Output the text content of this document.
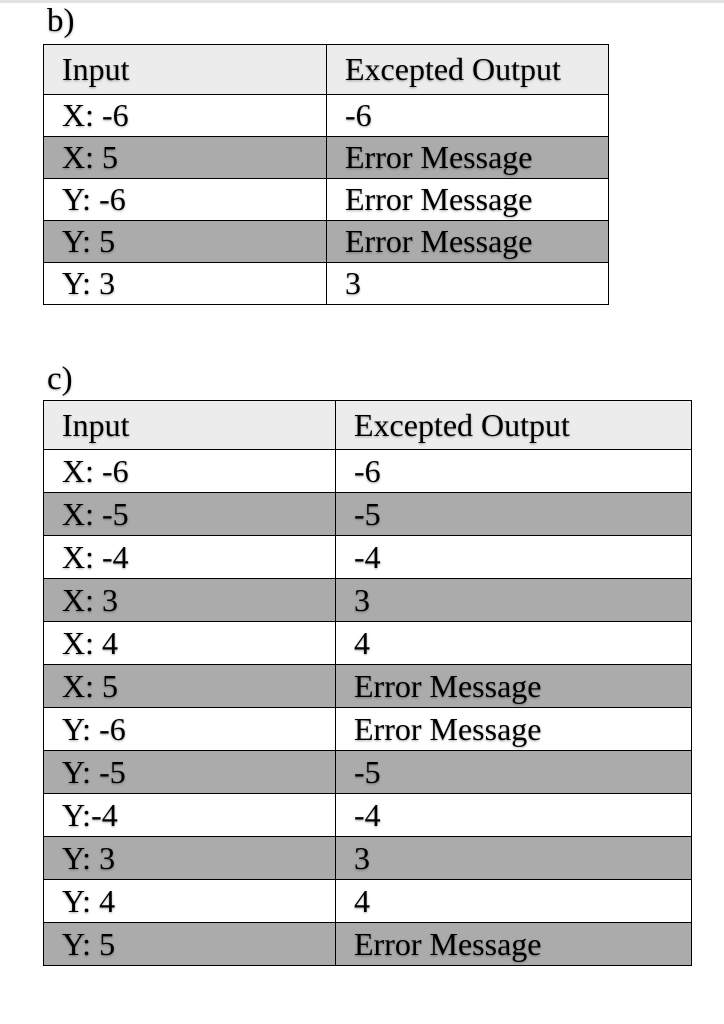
b)
Input	Excepted Output
X: -6	-6
X: 5	Error Message
Y: -6	Error Message
Y: 5	Error Message
Y: 3	3
c)
Input	Excepted Output
X: -6	-6
X: -5	-5
X: -4	-4
X: 3	3
X: 4	4
X: 5	Error Message
Y: -6	Error Message
Y: -5	-5
Y:-4	-4
Y: 3	3
Y: 4	4
Y: 5	Error Message
